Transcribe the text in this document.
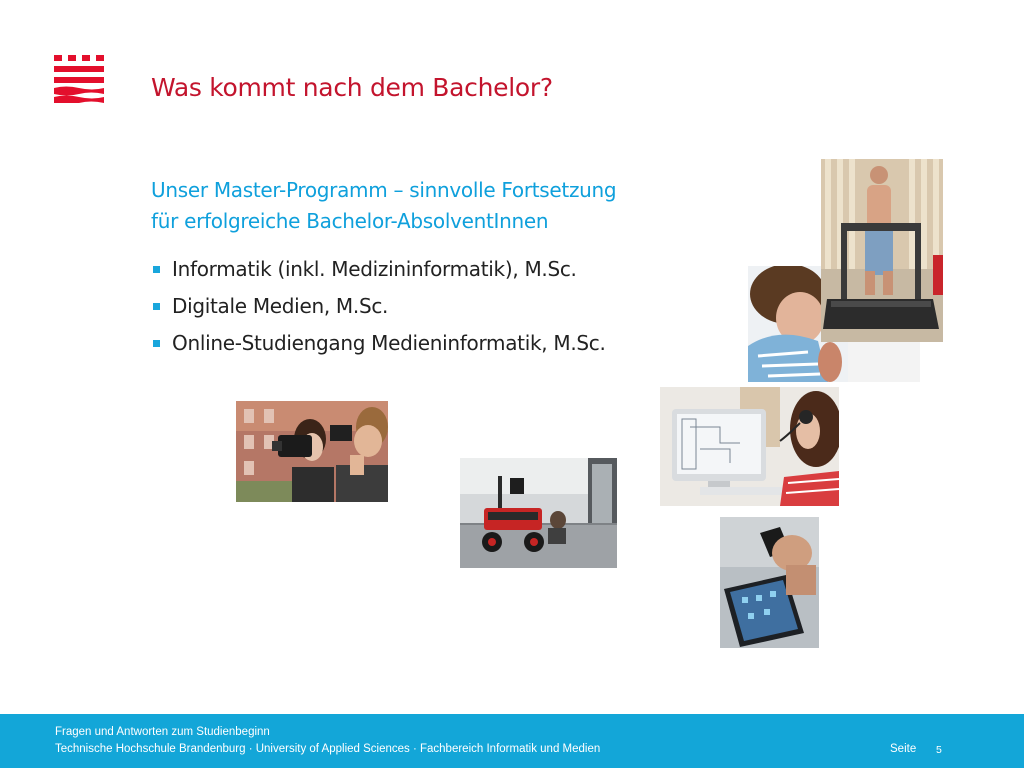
Was kommt nach dem Bachelor?
Unser Master-Programm – sinnvolle Fortsetzung
für erfolgreiche Bachelor-AbsolventInnen
Informatik (inkl. Medizininformatik), M.Sc.
Digitale Medien, M.Sc.
Online-Studiengang Medieninformatik, M.Sc.
Fragen und Antworten zum Studienbeginn
Technische Hochschule Brandenburg · University of Applied Sciences · Fachbereich Informatik und Medien	Seite 5
